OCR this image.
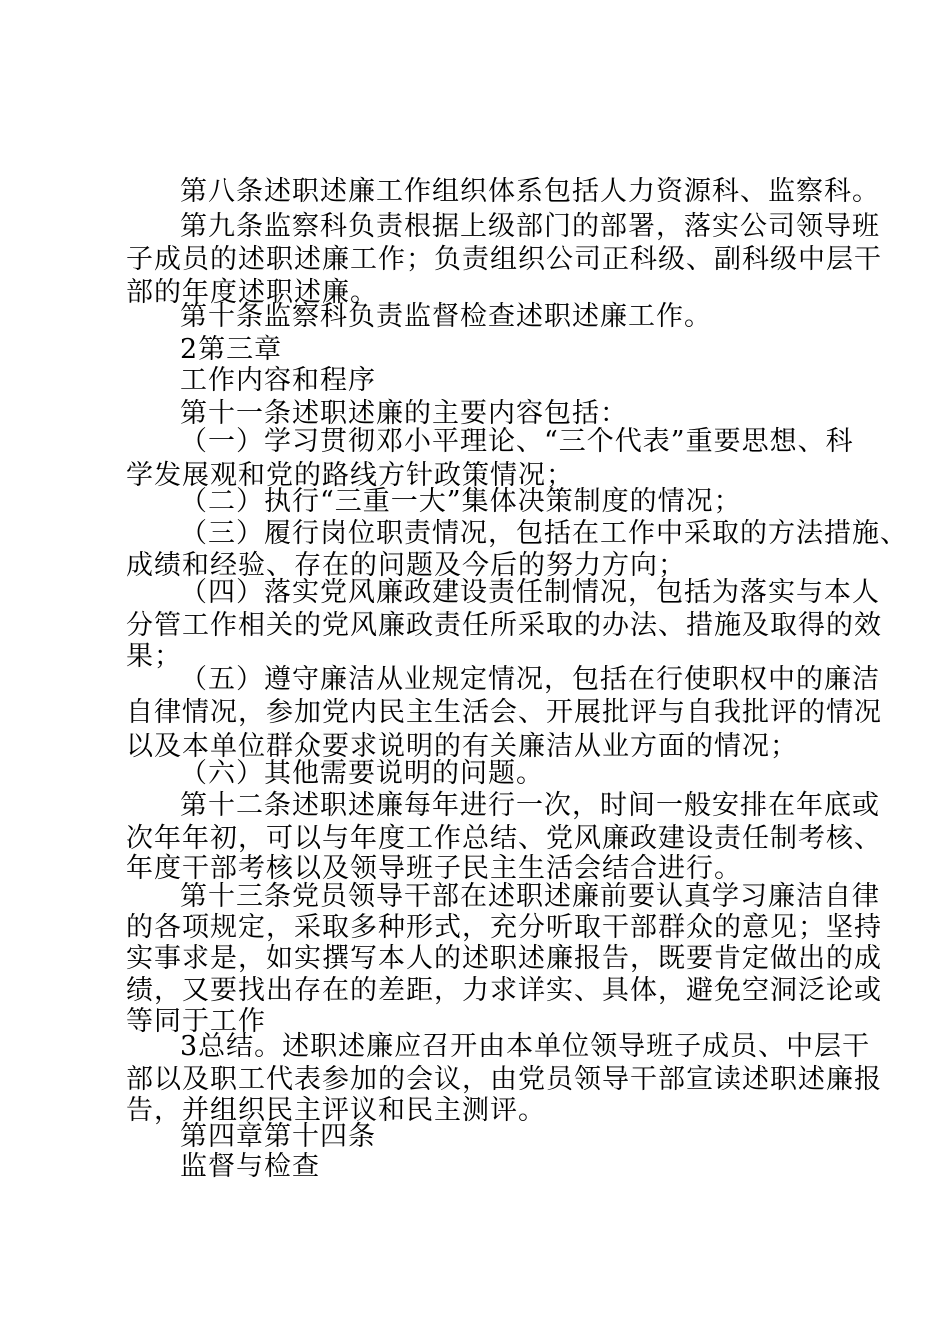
第八条述职述廉工作组织体系包括人力资源科、监察科。
第九条监察科负责根据上级部门的部署，落实公司领导班
子成员的述职述廉工作；负责组织公司正科级、副科级中层干
部的年度述职述廉。
第十条监察科负责监督检查述职述廉工作。
2第三章
工作内容和程序
第十一条述职述廉的主要内容包括：
（一）学习贯彻邓小平理论、“三个代表”重要思想、科
学发展观和党的路线方针政策情况；
（二）执行“三重一大”集体决策制度的情况；
（三）履行岗位职责情况，包括在工作中采取的方法措施、
成绩和经验、存在的问题及今后的努力方向；
（四）落实党风廉政建设责任制情况，包括为落实与本人
分管工作相关的党风廉政责任所采取的办法、措施及取得的效
果；
（五）遵守廉洁从业规定情况，包括在行使职权中的廉洁
自律情况，参加党内民主生活会、开展批评与自我批评的情况
以及本单位群众要求说明的有关廉洁从业方面的情况；
（六）其他需要说明的问题。
第十二条述职述廉每年进行一次，时间一般安排在年底或
次年年初，可以与年度工作总结、党风廉政建设责任制考核、
年度干部考核以及领导班子民主生活会结合进行。
第十三条党员领导干部在述职述廉前要认真学习廉洁自律
的各项规定，采取多种形式，充分听取干部群众的意见；坚持
实事求是，如实撰写本人的述职述廉报告，既要肯定做出的成
绩，又要找出存在的差距，力求详实、具体，避免空洞泛论或
等同于工作
3总结。述职述廉应召开由本单位领导班子成员、中层干
部以及职工代表参加的会议，由党员领导干部宣读述职述廉报
告，并组织民主评议和民主测评。
第四章第十四条
监督与检查
